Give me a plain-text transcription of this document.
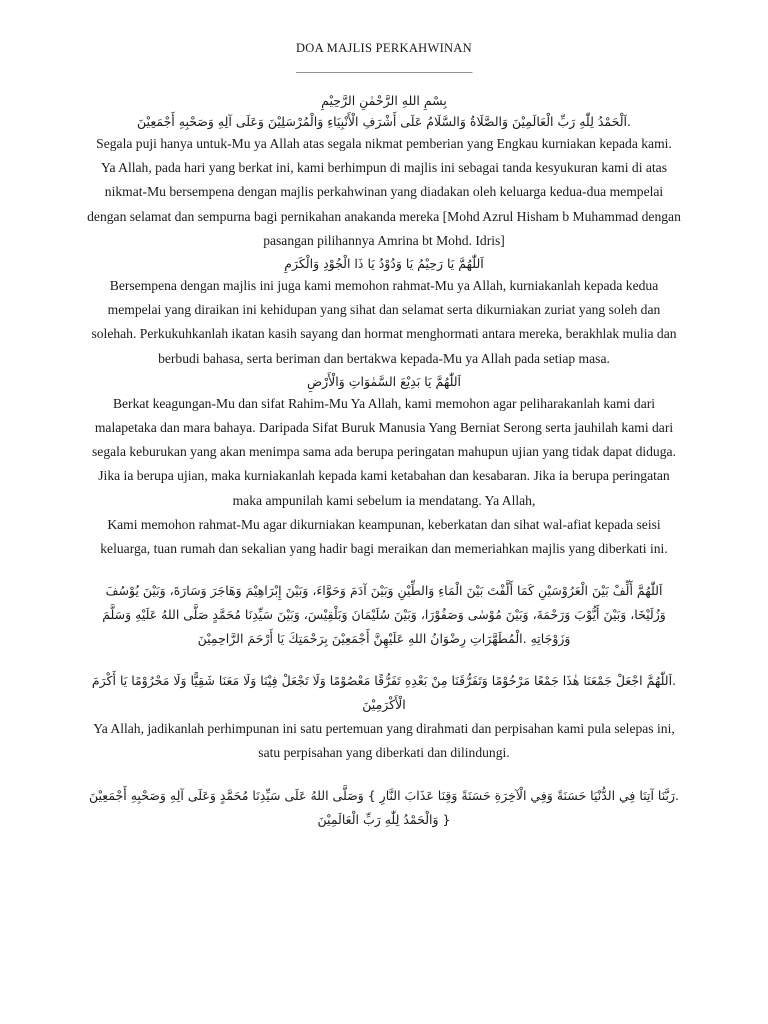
DOA MAJLIS PERKAHWINAN
________________________________

بِسْمِ اللهِ الرَّحْمٰنِ الرَّحِيْمِ

.اَلْحَمْدُ لِلّٰهِ رَبِّ الْعَالَمِيْنَ وَالصَّلَاةُ وَالسَّلَامُ عَلَى أَشْرَفِ الْأَنْبِيَاءِ وَالْمُرْسَلِيْنَ وَعَلَى آلِهِ وَصَحْبِهِ أَجْمَعِيْنَ

Segala puji hanya untuk-Mu ya Allah atas segala nikmat pemberian yang Engkau kurniakan kepada kami.

Ya Allah, pada hari yang berkat ini, kami berhimpun di majlis ini sebagai tanda kesyukuran kami di atas nikmat-Mu bersempena dengan majlis perkahwinan yang diadakan oleh keluarga kedua-dua mempelai dengan selamat dan sempurna bagi pernikahan anakanda mereka [Mohd Azrul Hisham b Muhammad dengan pasangan pilihannya Amrina bt Mohd. Idris]

اَللّٰهُمَّ يَا رَحِيْمُ يَا وَدُوْدُ يَا ذَا الْجُوْدِ وَالْكَرَمِ

Bersempena dengan majlis ini juga kami memohon rahmat-Mu ya Allah, kurniakanlah kepada kedua mempelai yang diraikan ini kehidupan yang sihat dan selamat serta dikurniakan zuriat yang soleh dan solehah. Perkukuhkanlah ikatan kasih sayang dan hormat menghormati antara mereka, berakhlak mulia dan berbudi bahasa, serta beriman dan bertakwa kepada-Mu ya Allah pada setiap masa.

اَللّٰهُمَّ يَا بَدِيْعَ السَّمٰوَاتِ وَالْأَرْضِ

Berkat keagungan-Mu dan sifat Rahim-Mu Ya Allah, kami memohon agar peliharakanlah kami dari malapetaka dan mara bahaya. Daripada Sifat Buruk Manusia Yang Berniat Serong serta jauhilah kami dari segala keburukan yang akan menimpa sama ada berupa peringatan mahupun ujian yang tidak dapat diduga. Jika ia berupa ujian, maka kurniakanlah kepada kami ketabahan dan kesabaran. Jika ia berupa peringatan maka ampunilah kami sebelum ia mendatang. Ya Allah,

Kami memohon rahmat-Mu agar dikurniakan keampunan, keberkatan dan sihat wal-afiat kepada seisi keluarga, tuan rumah dan sekalian yang hadir bagi meraikan dan memeriahkan majlis yang diberkati ini.

اَللّٰهُمَّ أَلِّفْ بَيْنَ الْعَرُوْسَيْنِ كَمَا أَلَّفْتَ بَيْنَ الْمَاءِ وَالطِّيْنِ وَبَيْنَ آدَمَ وَحَوَّاءَ، وَبَيْنَ إِبْرَاهِيْمَ وَهَاجَرَ وَسَارَةَ، وَبَيْنَ يُوْسُفَ وَزُلَيْخَا، وَبَيْنَ أَيُّوْبَ وَرَحْمَةَ، وَبَيْنَ مُوْسٰى وَصَفُوْرَا، وَبَيْنَ سُلَيْمَانَ وَبَلْقِيْسَ، وَبَيْنَ سَيِّدِنَا مُحَمَّدٍ صَلَّى اللهُ عَلَيْهِ وَسَلَّمَ وَزَوْجَاتِهِ .الْمُطَهَّرَاتِ رِضْوَانُ اللهِ عَلَيْهِنَّ أَجْمَعِيْنَ بِرَحْمَتِكَ يَا أَرْحَمَ الرَّاحِمِيْنَ

.اَللّٰهُمَّ اجْعَلْ جَمْعَنَا هٰذَا جَمْعًا مَرْحُوْمًا وَتَفَرُّقَنَا مِنْ بَعْدِهِ تَفَرُّقًا مَعْصُوْمًا وَلَا تَجْعَلْ فِيْنَا وَلَا مَعَنَا شَقِيًّا وَلَا مَحْرُوْمًا يَا أَكْرَمَ الْأَكْرَمِيْنَ

Ya Allah, jadikanlah perhimpunan ini satu pertemuan yang dirahmati dan perpisahan kami pula selepas ini, satu perpisahan yang diberkati dan dilindungi.

.رَبَّنَا آتِنَا فِي الدُّنْيَا حَسَنَةً وَفِي الْآخِرَةِ حَسَنَةً وَقِنَا عَذَابَ النَّارِ } وَصَلَّى اللهُ عَلَى سَيِّدِنَا مُحَمَّدٍ وَعَلَى آلِهِ وَصَحْبِهِ أَجْمَعِيْنَ { وَالْحَمْدُ لِلّٰهِ رَبِّ الْعَالَمِيْنَ
